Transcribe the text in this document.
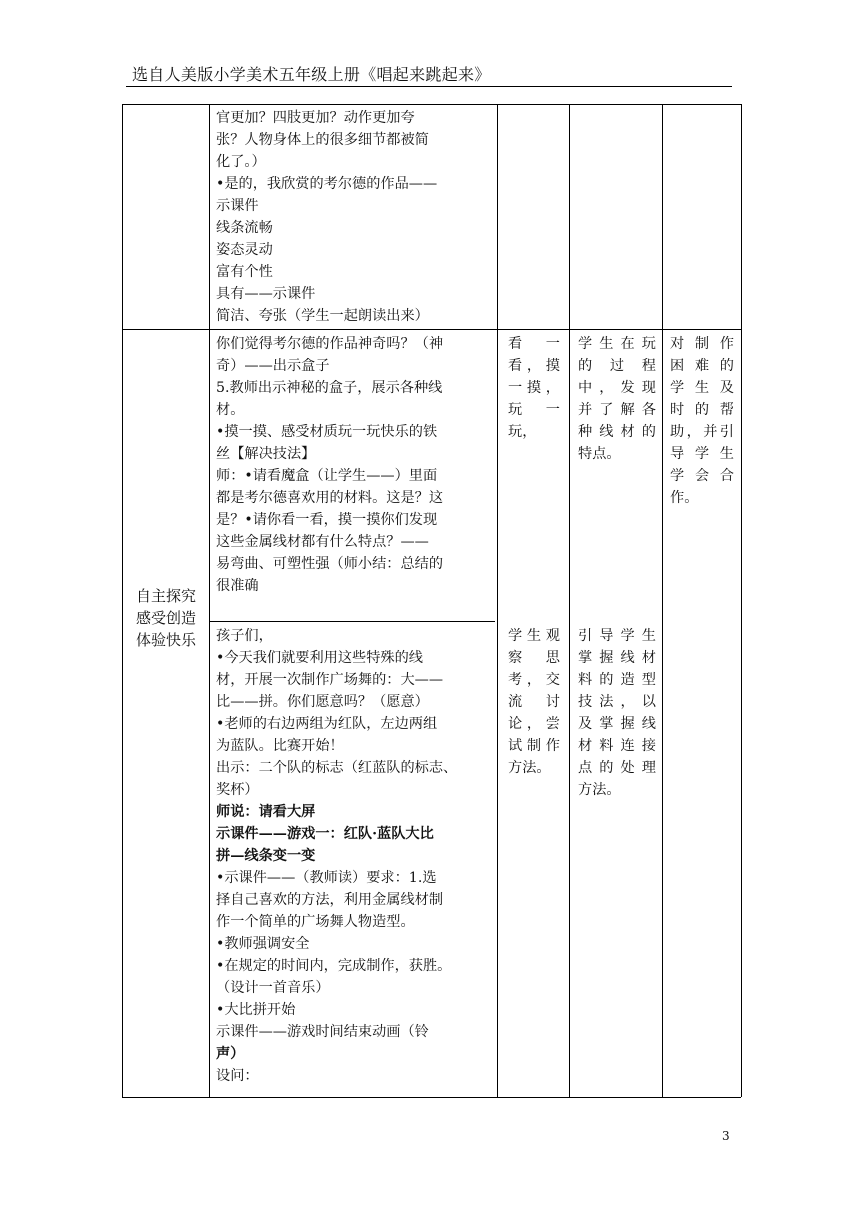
选自人美版小学美术五年级上册《唱起来跳起来》

官更加？四肢更加？动作更加夸

张？人物身体上的很多细节都被简

化了。）

•是的，我欣赏的考尔德的作品——

示课件

线条流畅

姿态灵动

富有个性

具有——示课件

简洁、夸张（学生一起朗读出来）

自主探究

感受创造

体验快乐

你们觉得考尔德的作品神奇吗？（神

奇）——出示盒子

5.教师出示神秘的盒子，展示各种线

材。

•摸一摸、感受材质玩一玩快乐的铁

丝【解决技法】

师：•请看魔盒（让学生——）里面

都是考尔德喜欢用的材料。这是？这

是？•请你看一看，摸一摸你们发现

这些金属线材都有什么特点？——

易弯曲、可塑性强（师小结：总结的

很准确

看　一

看，摸

一摸，

玩　一

玩，

学生在玩

的过程

中，发现

并了解各

种线材的

特点。

对制作

困难的

学生及

时的帮

助，并引

导学生

学会合

作。

孩子们，

•今天我们就要利用这些特殊的线

材，开展一次制作广场舞的：大——

比——拼。你们愿意吗？（愿意）

•老师的右边两组为红队，左边两组

为蓝队。比赛开始！

出示：二个队的标志（红蓝队的标志、

奖杯）

师说：请看大屏

示课件——游戏一：红队·蓝队大比

拼—线条变一变

•示课件——（教师读）要求：1.选

择自己喜欢的方法，利用金属线材制

作一个简单的广场舞人物造型。

•教师强调安全

•在规定的时间内，完成制作，获胜。

（设计一首音乐）

•大比拼开始

示课件——游戏时间结束动画（铃

声）

设问：

学生观

察　思

考，交

流　讨

论，尝

试制作

方法。

引导学生

掌握线材

料的造型

技法，以

及掌握线

材料连接

点的处理

方法。

3
